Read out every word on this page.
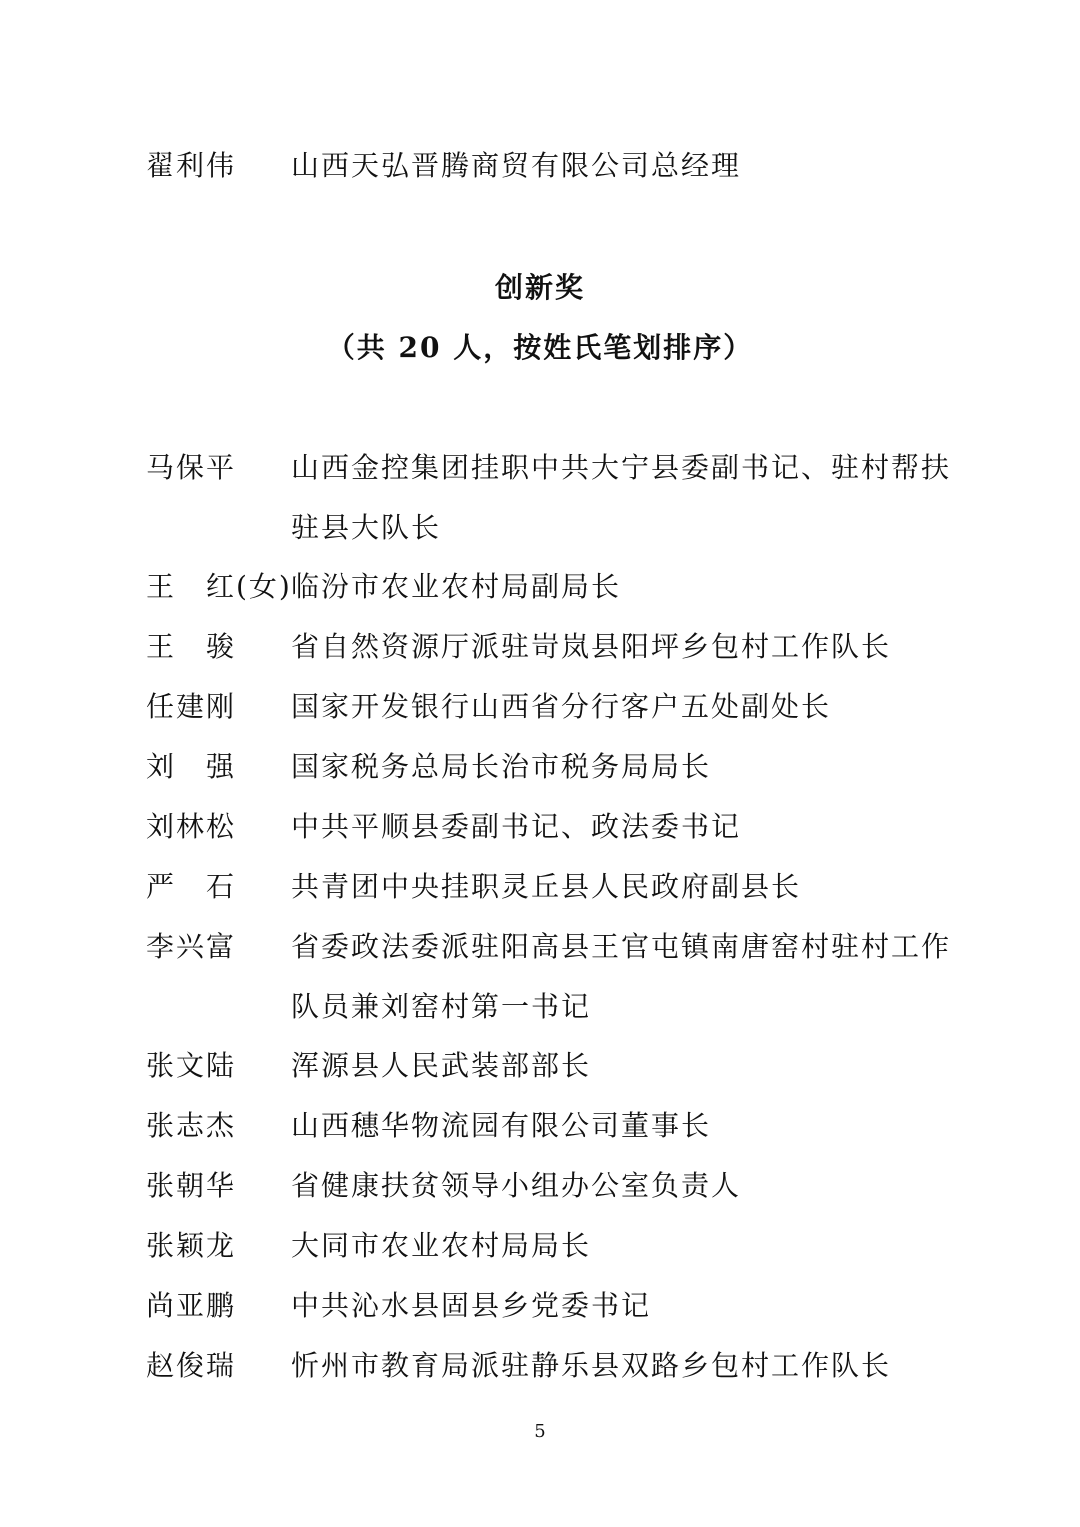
翟利伟 山西天弘晋腾商贸有限公司总经理
创新奖
（共 20 人，按姓氏笔划排序）
马保平 山西金控集团挂职中共大宁县委副书记、驻村帮扶
驻县大队长
王　红(女) 临汾市农业农村局副局长
王　骏 省自然资源厅派驻岢岚县阳坪乡包村工作队长
任建刚 国家开发银行山西省分行客户五处副处长
刘　强 国家税务总局长治市税务局局长
刘林松 中共平顺县委副书记、政法委书记
严　石 共青团中央挂职灵丘县人民政府副县长
李兴富 省委政法委派驻阳高县王官屯镇南唐窑村驻村工作
队员兼刘窑村第一书记
张文陆 浑源县人民武装部部长
张志杰 山西穗华物流园有限公司董事长
张朝华 省健康扶贫领导小组办公室负责人
张颖龙 大同市农业农村局局长
尚亚鹏 中共沁水县固县乡党委书记
赵俊瑞 忻州市教育局派驻静乐县双路乡包村工作队长
5
